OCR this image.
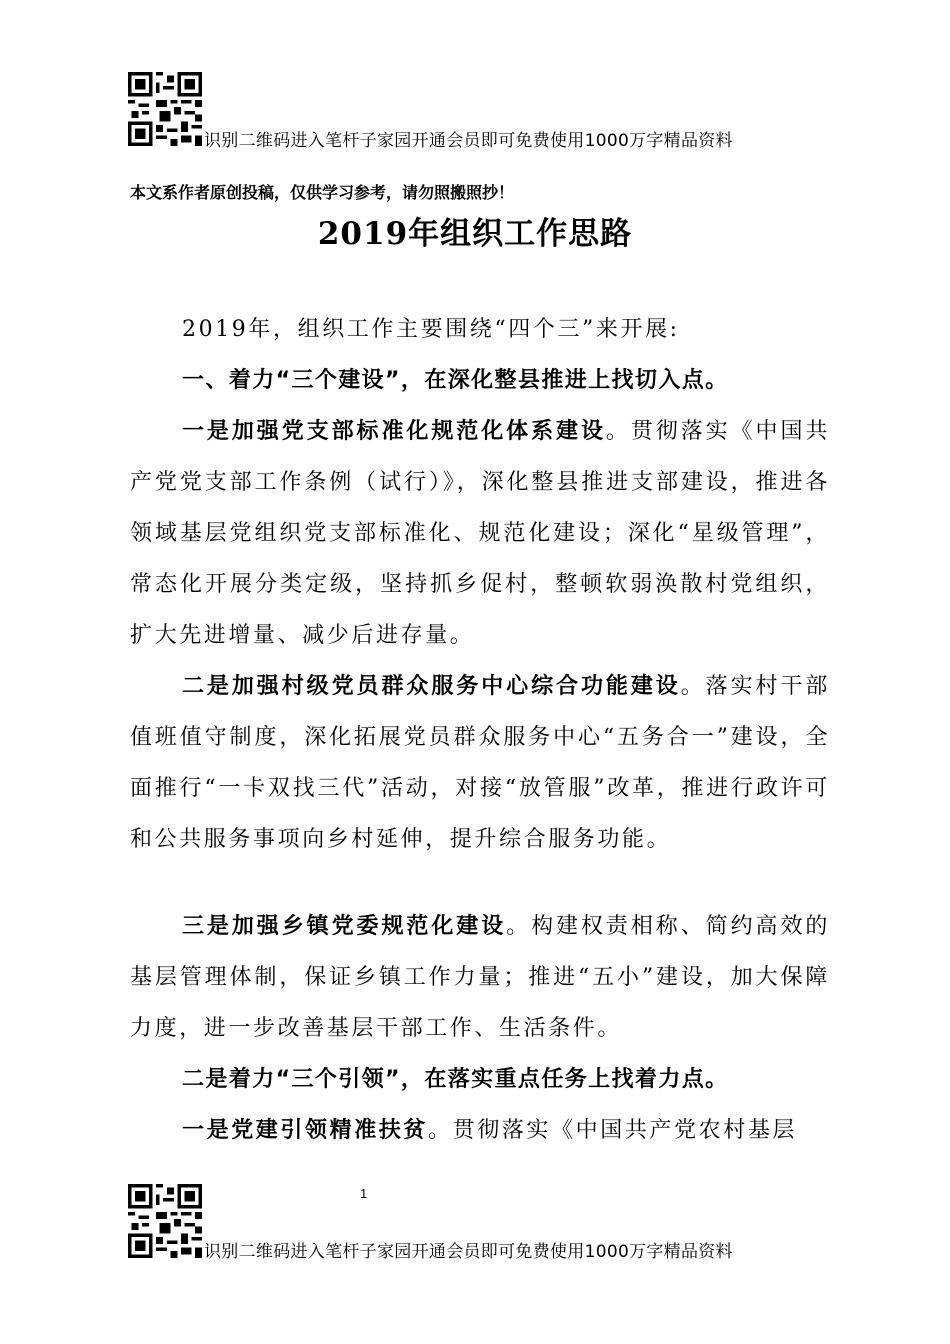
识别二维码进入笔杆子家园开通会员即可免费使用1000万字精品资料
本文系作者原创投稿，仅供学习参考，请勿照搬照抄！
2019年组织工作思路

2019年，组织工作主要围绕“四个三”来开展:

一、着力“三个建设”，在深化整县推进上找切入点。

一是加强党支部标准化规范化体系建设。贯彻落实《中国共产党党支部工作条例（试行）》，深化整县推进支部建设，推进各领域基层党组织党支部标准化、规范化建设；深化“星级管理”，常态化开展分类定级，坚持抓乡促村，整顿软弱涣散村党组织，扩大先进增量、减少后进存量。

二是加强村级党员群众服务中心综合功能建设。落实村干部值班值守制度，深化拓展党员群众服务中心“五务合一”建设，全面推行“一卡双找三代”活动，对接“放管服”改革，推进行政许可和公共服务事项向乡村延伸，提升综合服务功能。

三是加强乡镇党委规范化建设。构建权责相称、简约高效的基层管理体制，保证乡镇工作力量；推进“五小”建设，加大保障力度，进一步改善基层干部工作、生活条件。

二是着力“三个引领”，在落实重点任务上找着力点。

一是党建引领精准扶贫。贯彻落实《中国共产党农村基层

1
识别二维码进入笔杆子家园开通会员即可免费使用1000万字精品资料
